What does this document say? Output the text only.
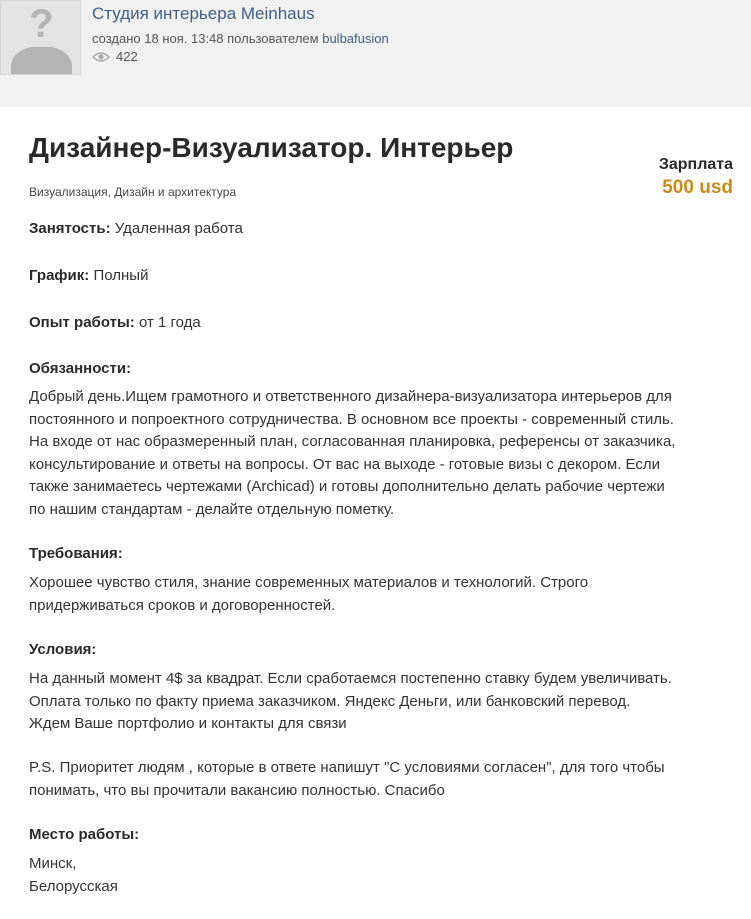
? Студия интерьера Meinhaus
создано 18 ноя. 13:48 пользователем bulbafusion
422
Дизайнер-Визуализатор. Интерьер
Визуализация, Дизайн и архитектура
Зарплата
500 usd
Занятость: Удаленная работа
График: Полный
Опыт работы: от 1 года
Обязанности:
Добрый день.Ищем грамотного и ответственного дизайнера-визуализатора интерьеров для
постоянного и попроектного сотрудничества. В основном все проекты - современный стиль.
На входе от нас образмеренный план, согласованная планировка, референсы от заказчика,
консультирование и ответы на вопросы. От вас на выходе - готовые визы с декором. Если
также занимаетесь чертежами (Archicad) и готовы дополнительно делать рабочие чертежи
по нашим стандартам - делайте отдельную пометку.
Требования:
Хорошее чувство стиля, знание современных материалов и технологий. Строго
придерживаться сроков и договоренностей.
Условия:
На данный момент 4$ за квадрат. Если сработаемся постепенно ставку будем увеличивать.
Оплата только по факту приема заказчиком. Яндекс Деньги, или банковский перевод.
Ждем Ваше портфолио и контакты для связи
P.S. Приоритет людям , которые в ответе напишут "С условиями согласен", для того чтобы
понимать, что вы прочитали вакансию полностью. Спасибо
Место работы:
Минск,
Белорусская
